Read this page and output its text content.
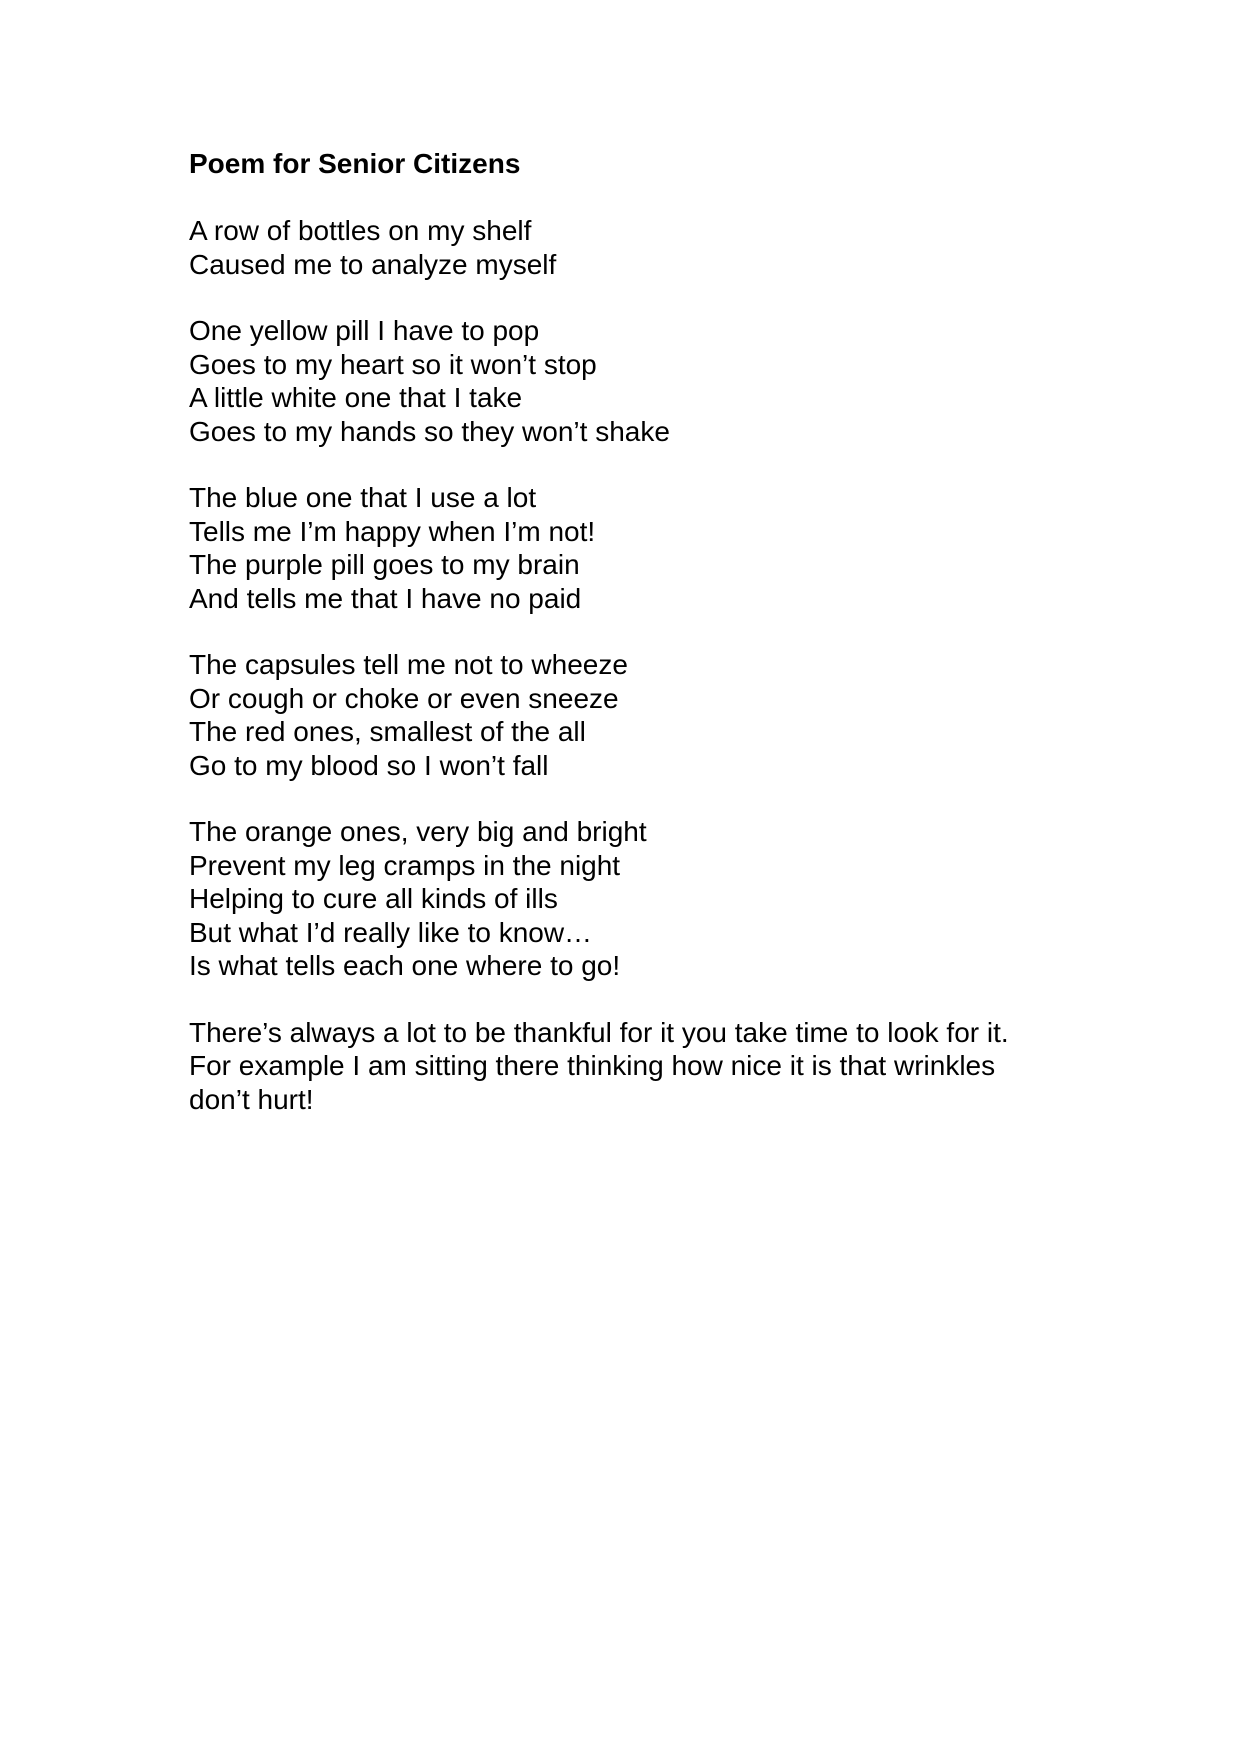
Poem for Senior Citizens
A row of bottles on my shelf
Caused me to analyze myself
One yellow pill I have to pop
Goes to my heart so it won’t stop
A little white one that I take
Goes to my hands so they won’t shake
The blue one that I use a lot
Tells me I’m happy when I’m not!
The purple pill goes to my brain
And tells me that I have no paid
The capsules tell me not to wheeze
Or cough or choke or even sneeze
The red ones, smallest of the all
Go to my blood so I won’t fall
The orange ones, very big and bright
Prevent my leg cramps in the night
Helping to cure all kinds of ills
But what I’d really like to know…
Is what tells each one where to go!
There’s always a lot to be thankful for it you take time to look for it.
For example I am sitting there thinking how nice it is that wrinkles
don’t hurt!
